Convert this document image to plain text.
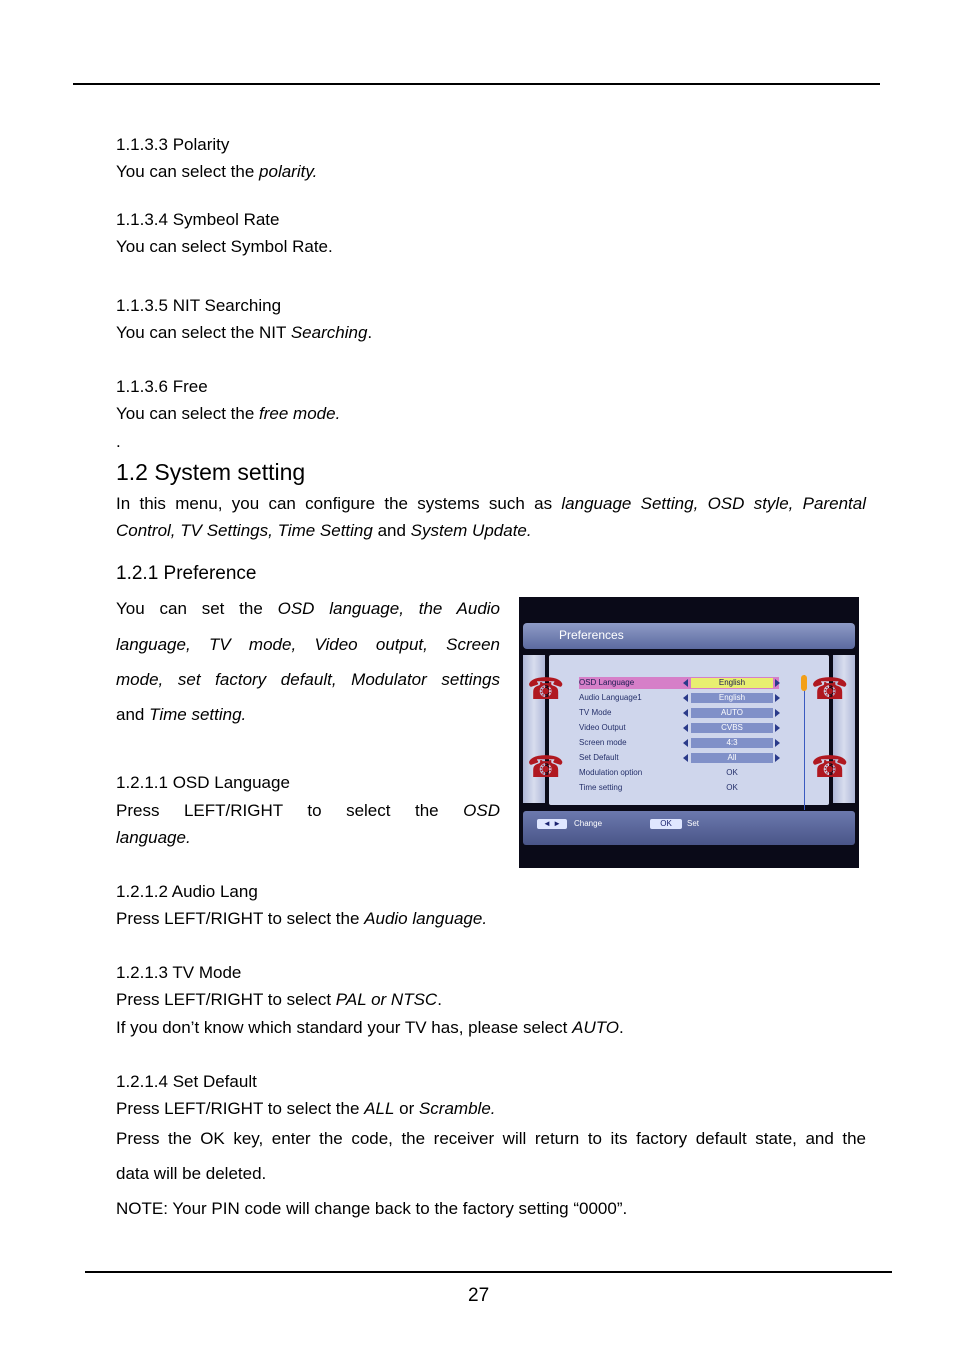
1.1.3.3 Polarity
You can select the polarity.
1.1.3.4 Symbeol Rate
You can select Symbol Rate.
1.1.3.5 NIT Searching
You can select the NIT Searching.
1.1.3.6 Free
You can select the free mode.
.
1.2 System setting
In this menu, you can configure the systems such as language Setting, OSD style, Parental
Control, TV Settings, Time Setting and System Update.
1.2.1 Preference
You can set the OSD language, the Audio
language, TV mode, Video output, Screen
mode, set factory default, Modulator settings
and Time setting.
1.2.1.1 OSD Language
Press LEFT/RIGHT to select the OSD
language.
Preferences
☎
☎
☎
☎
OSD Language	English
Audio Language1	English
TV Mode	AUTO
Video Output	CVBS
Screen mode	4:3
Set Default	All
Modulation option	OK
Time setting	OK
◄ ►	Change	OK	Set
1.2.1.2 Audio Lang
Press LEFT/RIGHT to select the Audio language.
1.2.1.3 TV Mode
Press LEFT/RIGHT to select PAL or NTSC.
If you don’t know which standard your TV has, please select AUTO.
1.2.1.4 Set Default
Press LEFT/RIGHT to select the ALL or Scramble.
Press the OK key, enter the code, the receiver will return to its factory default state, and the
data will be deleted.
NOTE: Your PIN code will change back to the factory setting “0000”.
27
